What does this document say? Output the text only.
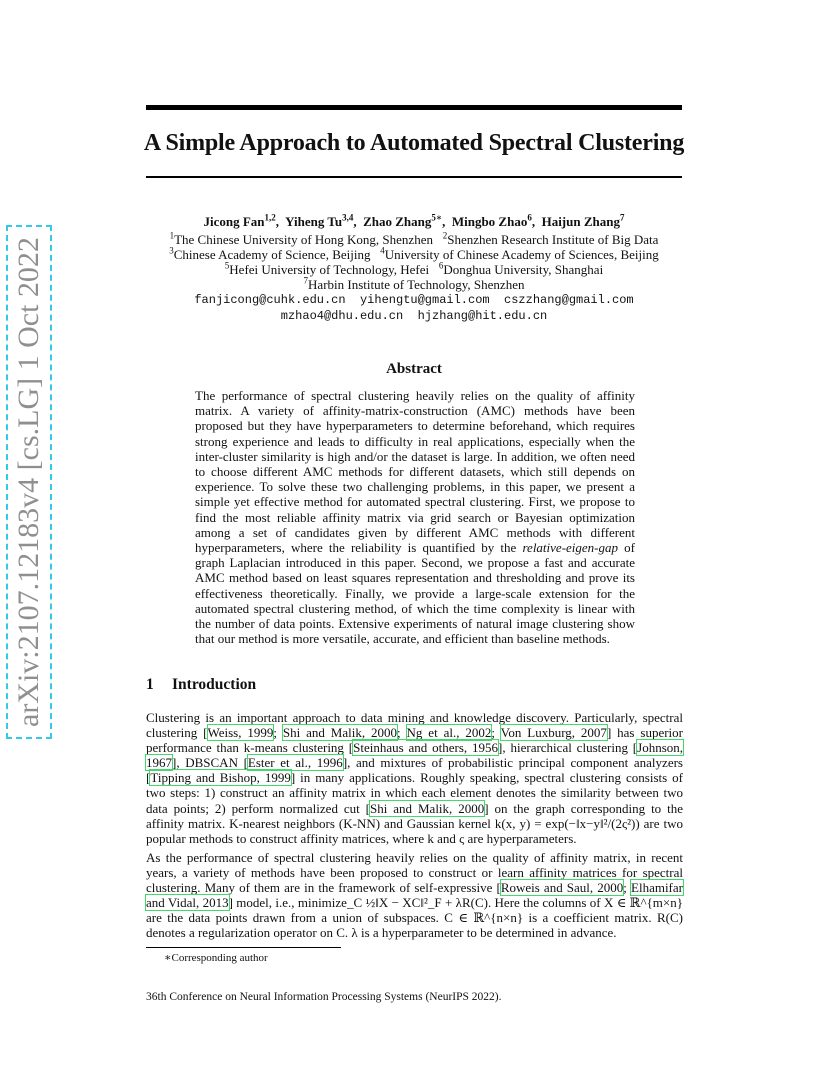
arXiv:2107.12183v4 [cs.LG] 1 Oct 2022
A Simple Approach to Automated Spectral Clustering
Jicong Fan$^{1,2}$,  Yiheng Tu$^{3,4}$,  Zhao Zhang$^{5∗}$,  Mingbo Zhao$^6$,  Haijun Zhang$^7$
$^1$The Chinese University of Hong Kong, Shenzhen $^2$Shenzhen Research Institute of Big Data
$^3$Chinese Academy of Science, Beijing $^4$University of Chinese Academy of Sciences, Beijing
$^5$Hefei University of Technology, Hefei $^6$Donghua University, Shanghai
$^7$Harbin Institute of Technology, Shenzhen
fanjicong@cuhk.edu.cn yihengtu@gmail.com cszzhang@gmail.com
mzhao4@dhu.edu.cn hjzhang@hit.edu.cn
Abstract
The performance of spectral clustering heavily relies on the quality of affinity matrix. A variety of affinity-matrix-construction (AMC) methods have been proposed but they have hyperparameters to determine beforehand, which requires strong experience and leads to difficulty in real applications, especially when the inter-cluster similarity is high and/or the dataset is large. In addition, we often need to choose different AMC methods for different datasets, which still depends on experience. To solve these two challenging problems, in this paper, we present a simple yet effective method for automated spectral clustering. First, we propose to find the most reliable affinity matrix via grid search or Bayesian optimization among a set of candidates given by different AMC methods with different hyperparameters, where the reliability is quantified by the relative-eigen-gap of graph Laplacian introduced in this paper. Second, we propose a fast and accurate AMC method based on least squares representation and thresholding and prove its effectiveness theoretically. Finally, we provide a large-scale extension for the automated spectral clustering method, of which the time complexity is linear with the number of data points. Extensive experiments of natural image clustering show that our method is more versatile, accurate, and efficient than baseline methods.
1 Introduction
Clustering is an important approach to data mining and knowledge discovery. Particularly, spectral clustering [Weiss, 1999; Shi and Malik, 2000; Ng et al., 2002; Von Luxburg, 2007] has superior performance than k-means clustering [Steinhaus and others, 1956], hierarchical clustering [Johnson, 1967], DBSCAN [Ester et al., 1996], and mixtures of probabilistic principal component analyzers [Tipping and Bishop, 1999] in many applications. Roughly speaking, spectral clustering consists of two steps: 1) construct an affinity matrix in which each element denotes the similarity between two data points; 2) perform normalized cut [Shi and Malik, 2000] on the graph corresponding to the affinity matrix. K-nearest neighbors (K-NN) and Gaussian kernel k(x, y) = exp(−‖x−y‖²/(2ς²)) are two popular methods to construct affinity matrices, where k and ς are hyperparameters.
As the performance of spectral clustering heavily relies on the quality of affinity matrix, in recent years, a variety of methods have been proposed to construct or learn affinity matrices for spectral clustering. Many of them are in the framework of self-expressive [Roweis and Saul, 2000; Elhamifar and Vidal, 2013] model, i.e., minimize_C ½‖X − XC‖²_F + λR(C). Here the columns of X ∈ ℝ^{m×n} are the data points drawn from a union of subspaces. C ∈ ℝ^{n×n} is a coefficient matrix. R(C) denotes a regularization operator on C. λ is a hyperparameter to be determined in advance.
∗Corresponding author
36th Conference on Neural Information Processing Systems (NeurIPS 2022).
